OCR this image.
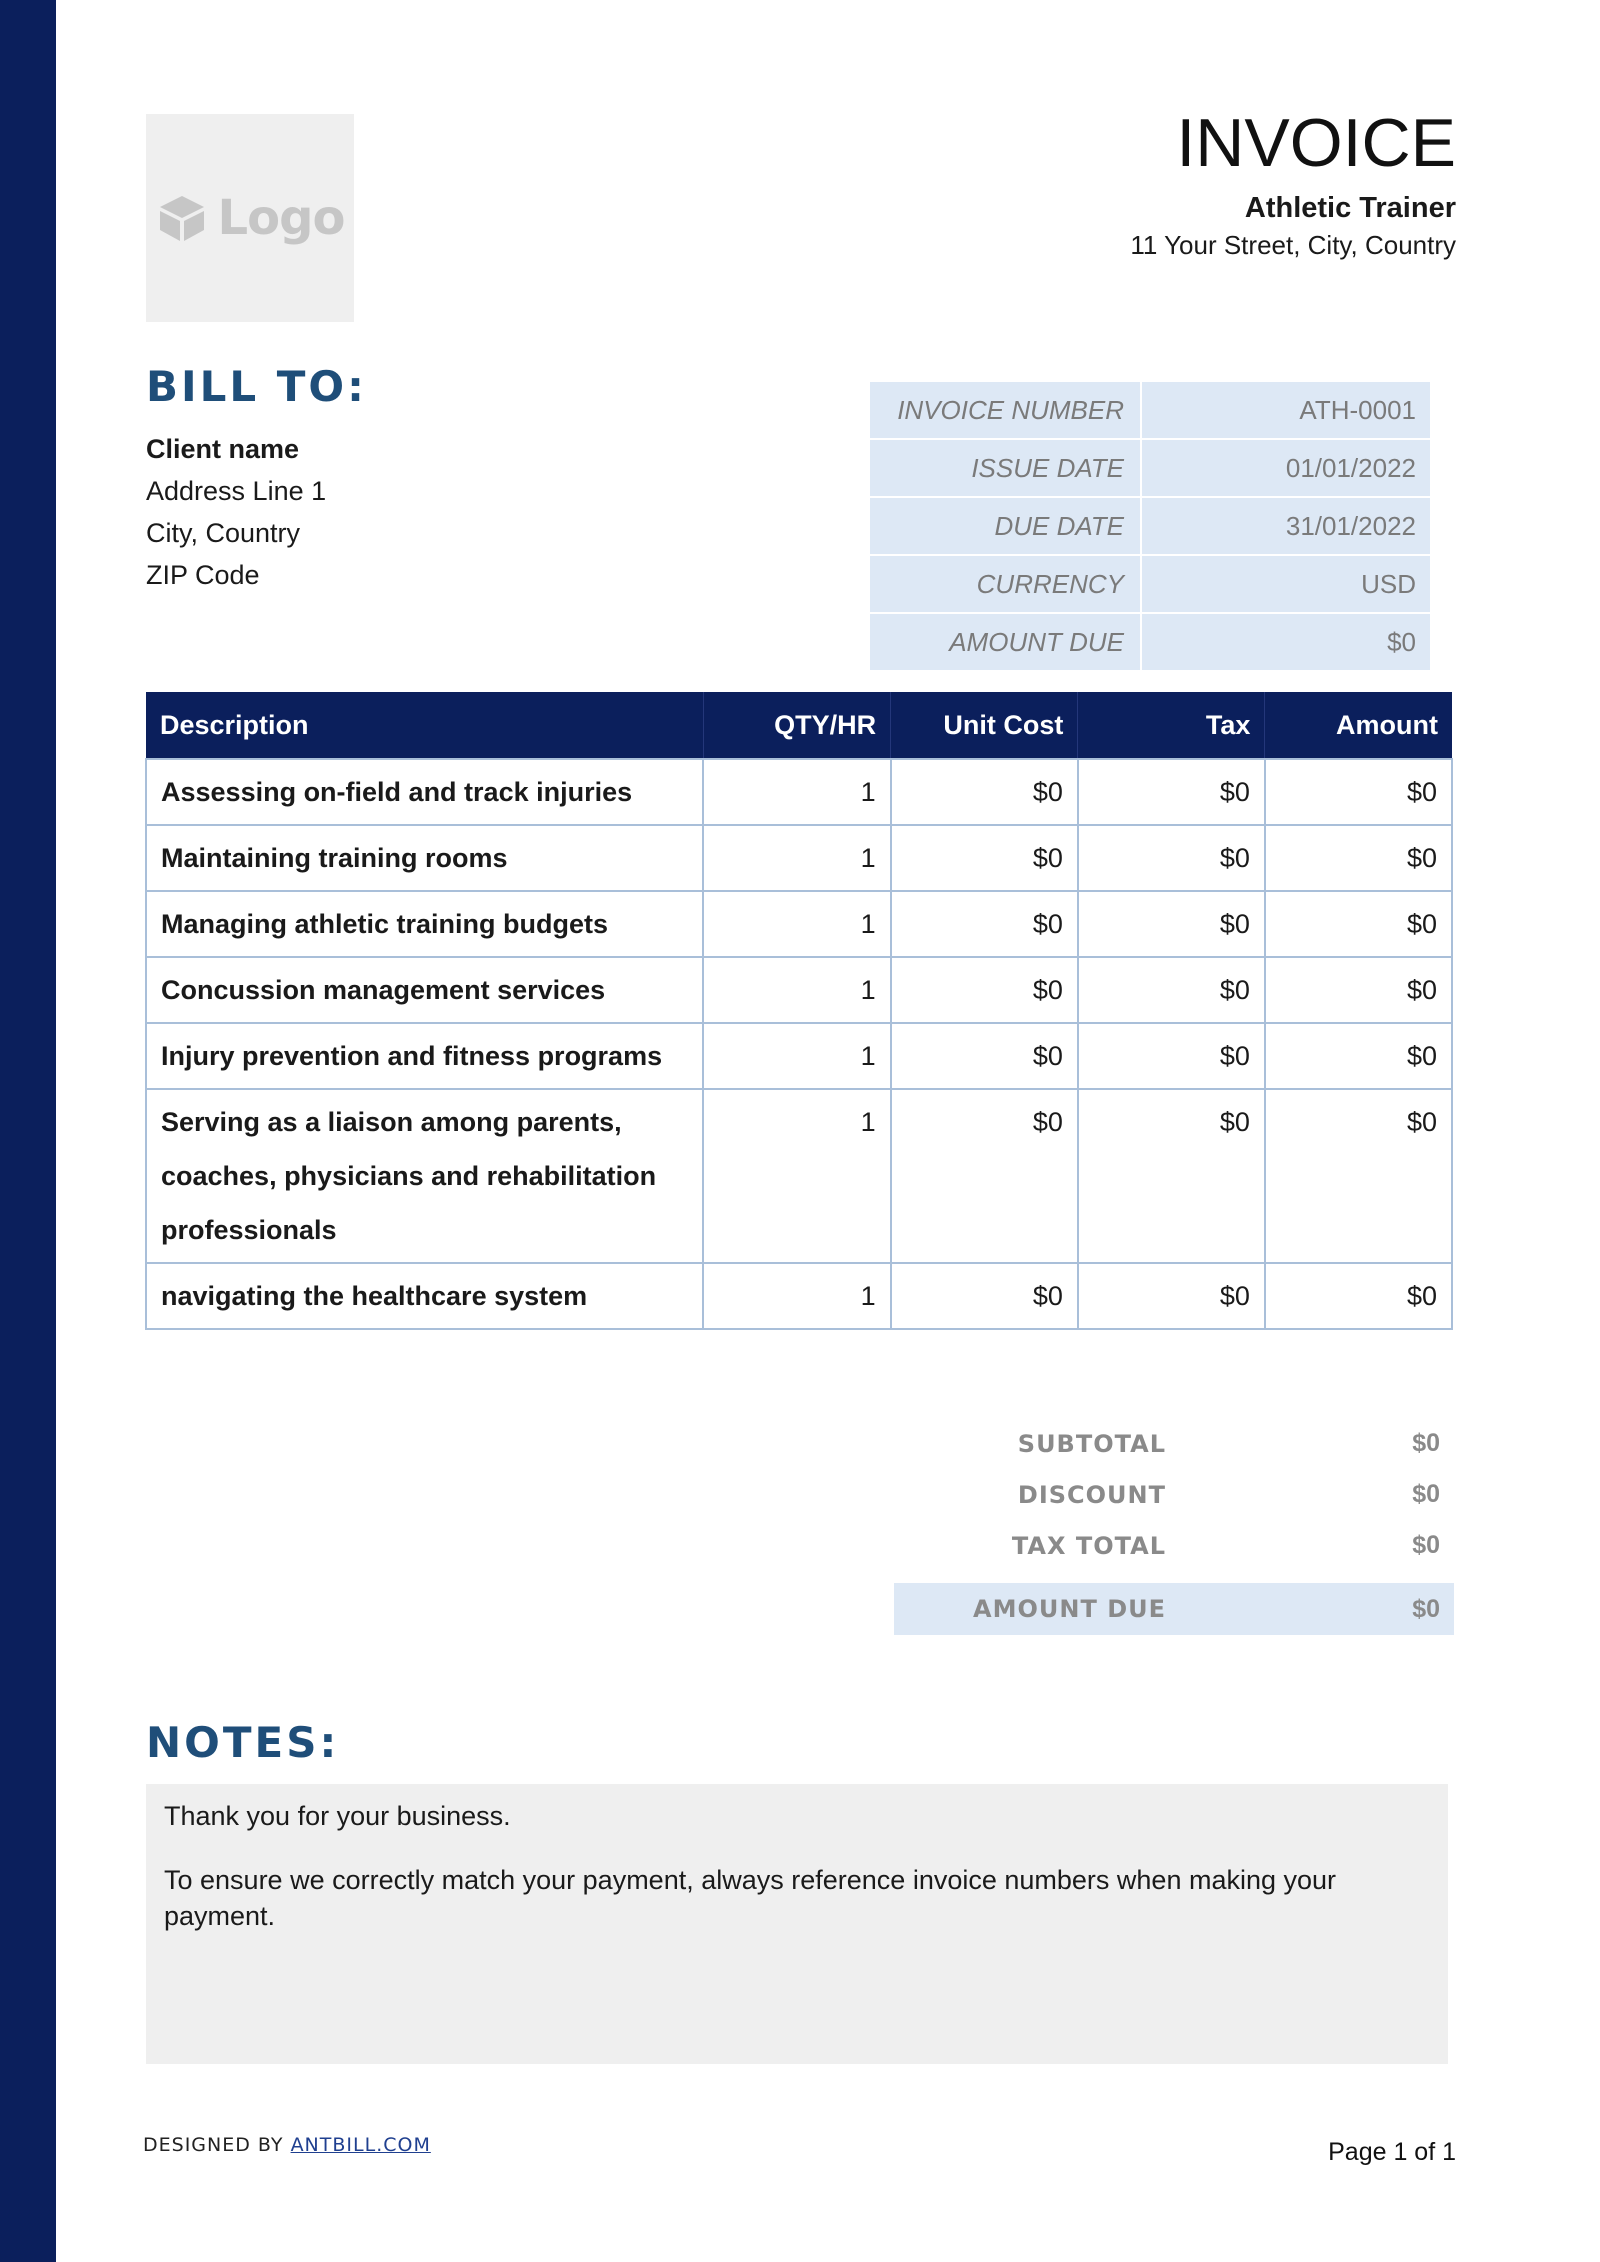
Logo
INVOICE
Athletic Trainer
11 Your Street, City, Country
BILL TO:
Client name
Address Line 1
City, Country
ZIP Code
INVOICE NUMBER	ATH-0001
ISSUE DATE	01/01/2022
DUE DATE	31/01/2022
CURRENCY	USD
AMOUNT DUE	$0
Description	QTY/HR	Unit Cost	Tax	Amount
Assessing on-field and track injuries	1	$0	$0	$0
Maintaining training rooms	1	$0	$0	$0
Managing athletic training budgets	1	$0	$0	$0
Concussion management services	1	$0	$0	$0
Injury prevention and fitness programs	1	$0	$0	$0
Serving as a liaison among parents, coaches, physicians and rehabilitation professionals	1	$0	$0	$0
navigating the healthcare system	1	$0	$0	$0
SUBTOTAL	$0
DISCOUNT	$0
TAX TOTAL	$0
AMOUNT DUE	$0
NOTES:

Thank you for your business.

To ensure we correctly match your payment, always reference invoice numbers when making your payment.

DESIGNED BY ANTBILL.COM	Page 1 of 1
